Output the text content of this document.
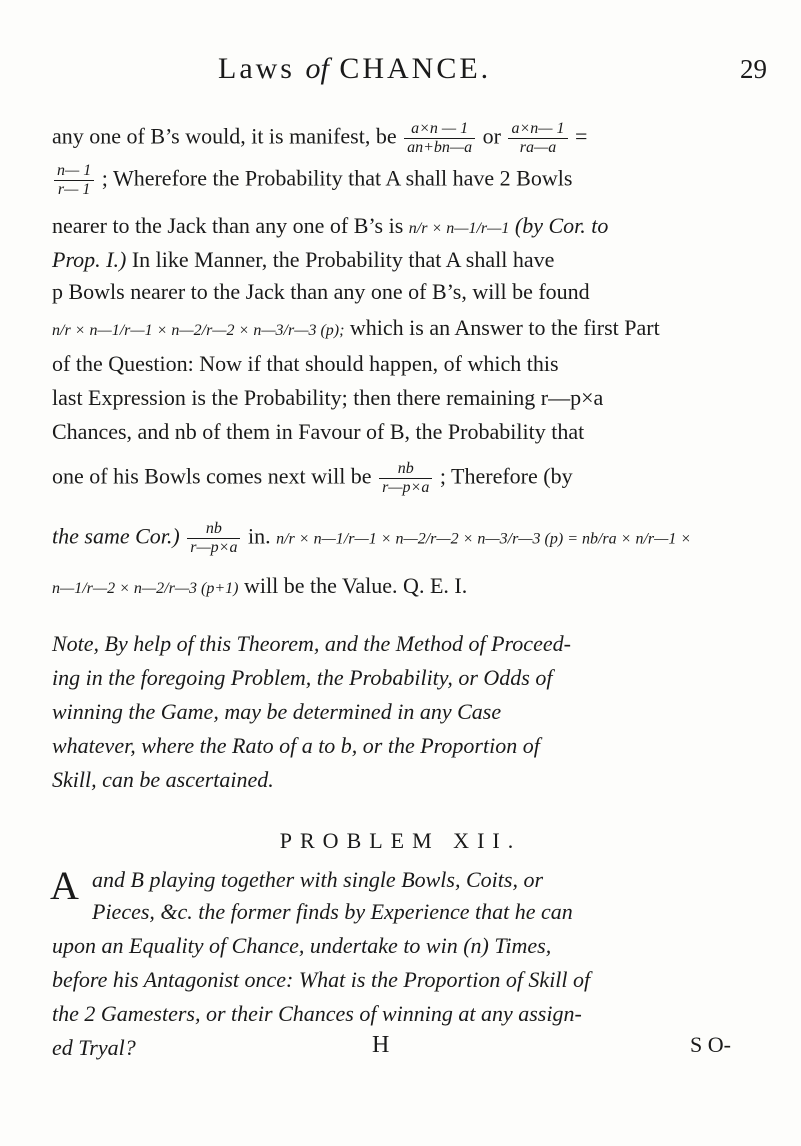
Laws of CHANCE.	29
any one of B’s would, it is manifest, be $\frac{a\times n — 1}{an+bn—a}$ or $\frac{a\times n— 1}{ra—a}$ =
$\frac{n— 1}{r— 1}$ ; Wherefore the Probability that A shall have 2 Bowls
nearer to the Jack than any one of B’s is n/r × n—1/r—1 (by Cor. to
Prop. I.) In like Manner, the Probability that A shall have
p Bowls nearer to the Jack than any one of B’s, will be found
n/r × n—1/r—1 × n—2/r—2 × n—3/r—3 (p); which is an Answer to the first Part
of the Question: Now if that should happen, of which this
last Expression is the Probability; then there remaining r—p×a
Chances, and nb of them in Favour of B, the Probability that
one of his Bowls comes next will be $\frac{nb}{r—p\times a}$ ; Therefore (by
the same $Cor.) \frac{nb}{r—p\times a}$ in. n/r × n—1/r—1 × n—2/r—2 × n—3/r—3 (p) = nb/ra × n/r—1 ×
n—1/r—2 × n—2/r—3 (p+1) will be the Value. Q. E. I.
Note, By help of this Theorem, and the Method of Proceed-
ing in the foregoing Problem, the Probability, or Odds of
winning the Game, may be determined in any Case
whatever, where the Rato of a to b, or the Proportion of
Skill, can be ascertained.
PROBLEM XII.
A and B playing together with single Bowls, Coits, or
Pieces, &c. the former finds by Experience that he can
upon an Equality of Chance, undertake to win (n) Times,
before his Antagonist once: What is the Proportion of Skill of
the 2 Gamesters, or their Chances of winning at any assign-
ed Tryal?	H	S O-
